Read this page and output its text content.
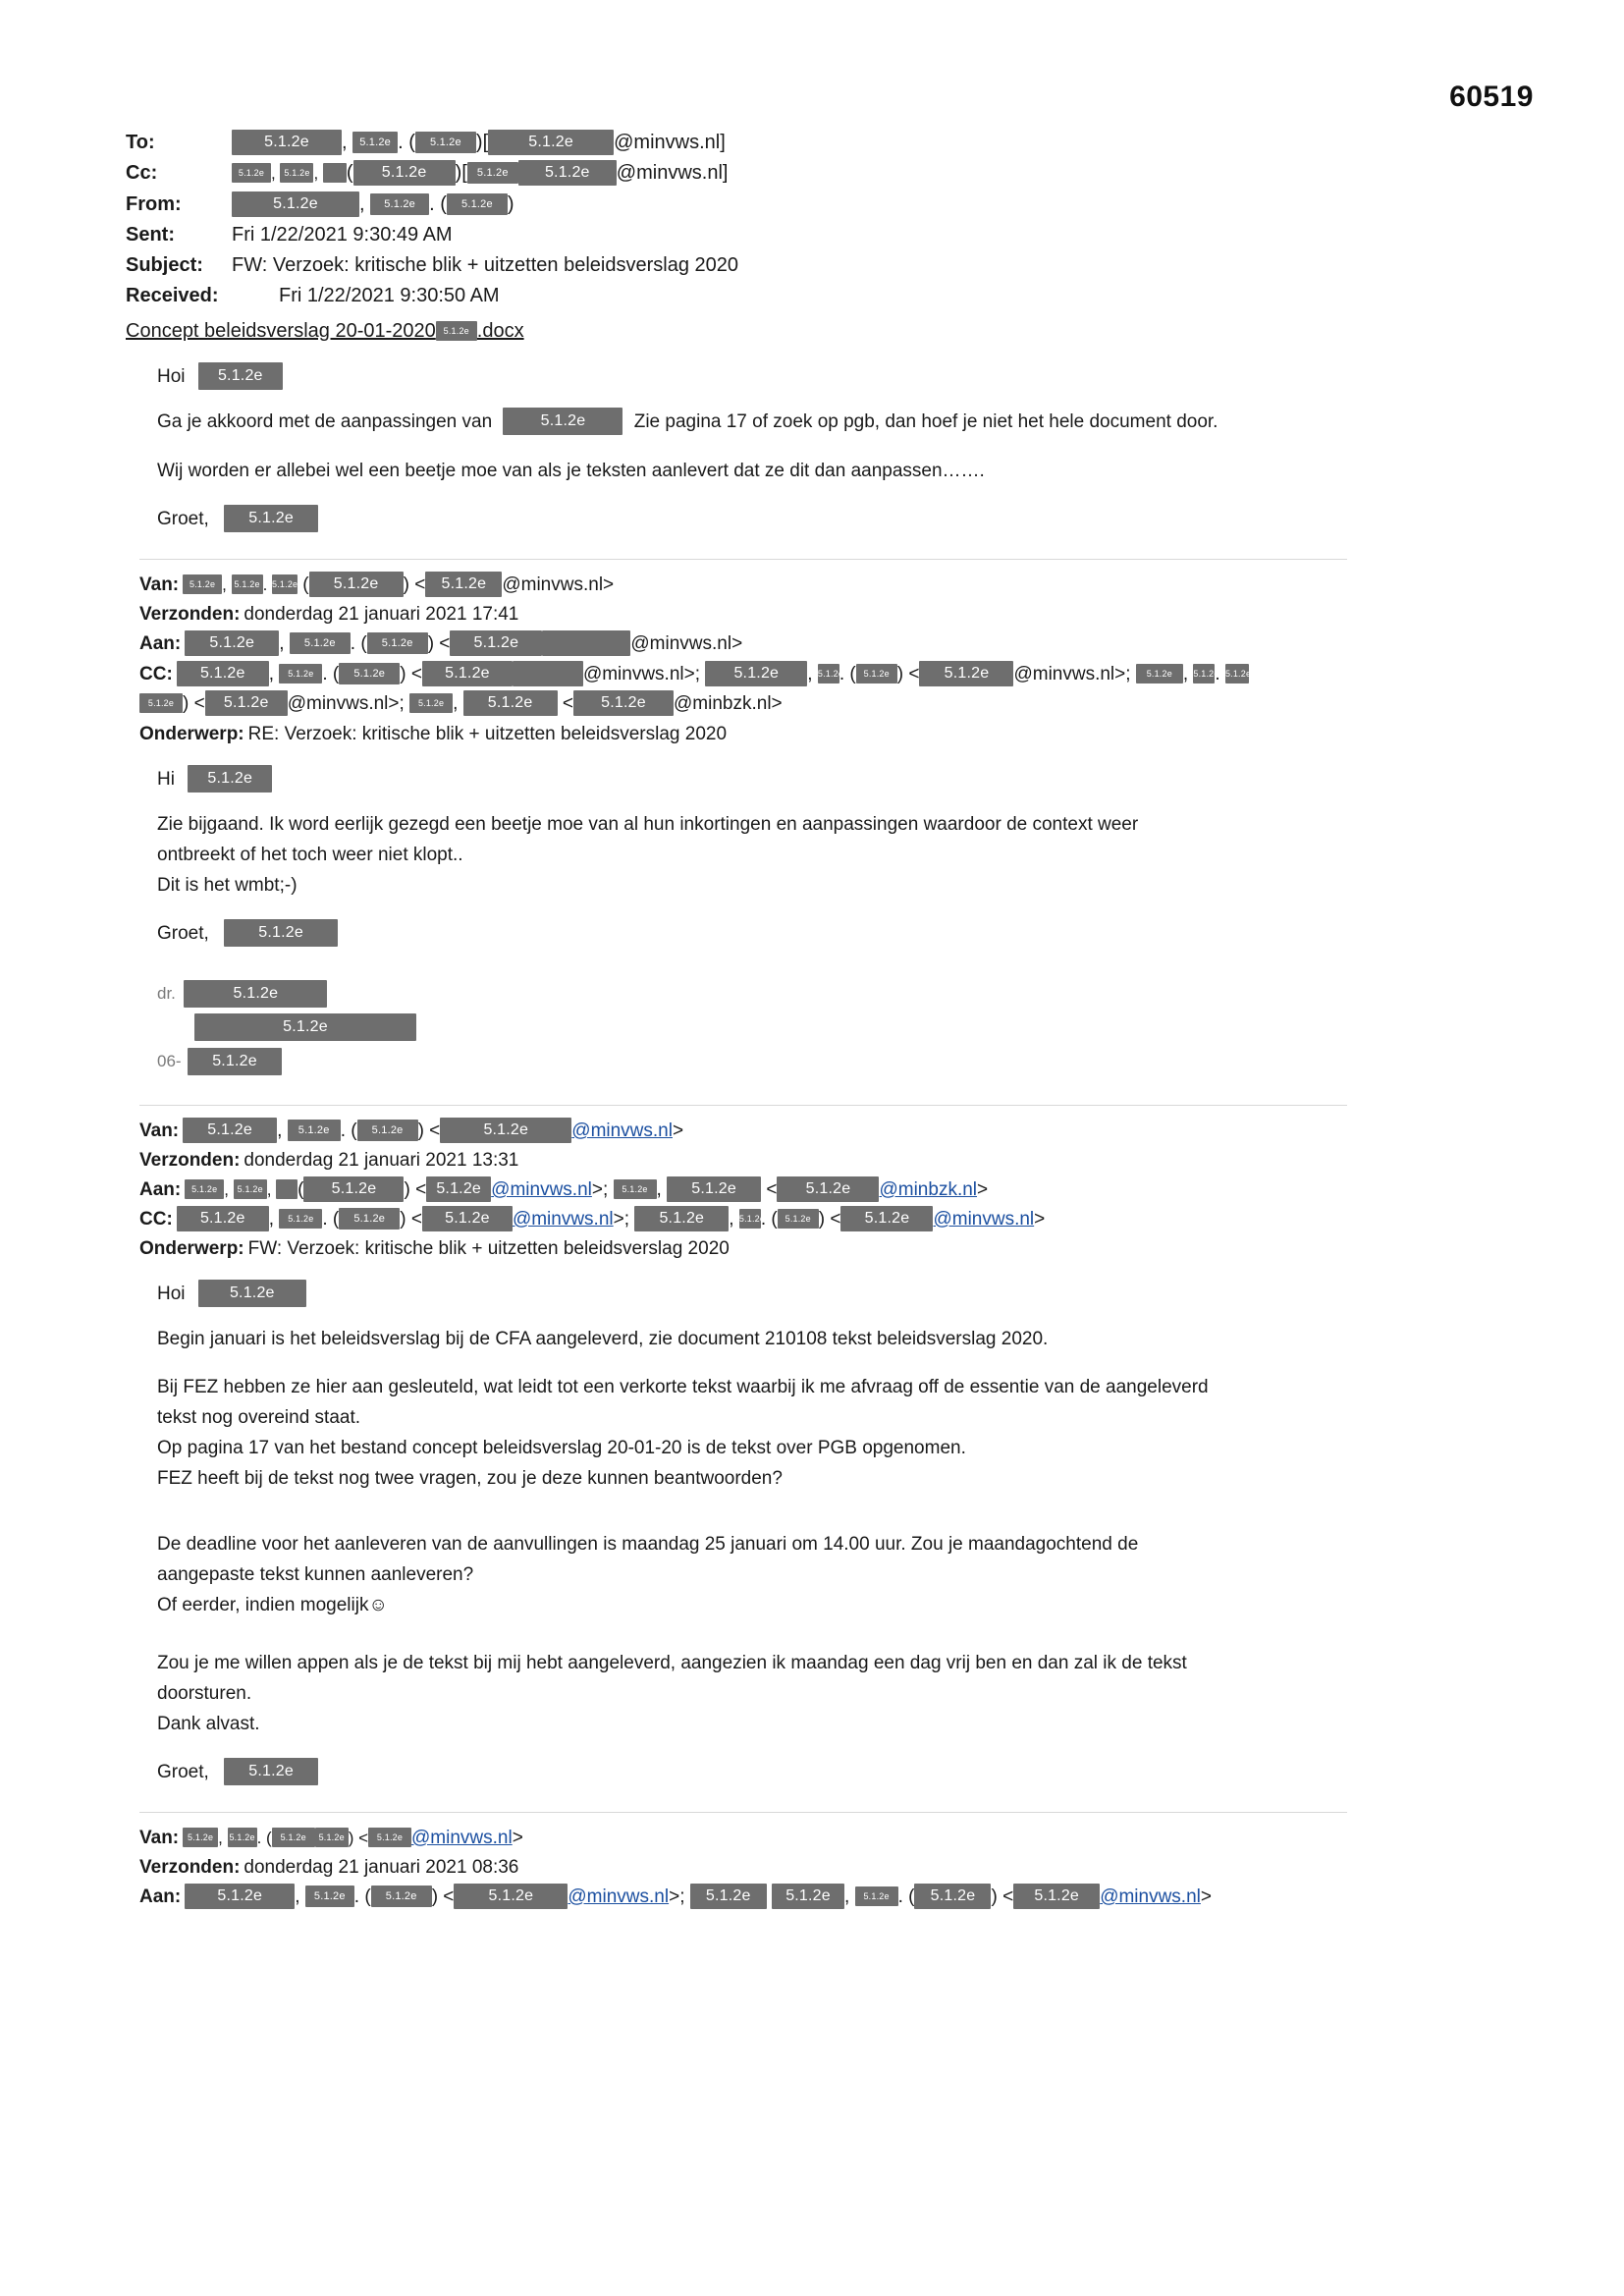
60519
To:	5.1.2e , 5.1.2e . ( 5.1.2e )[	5.1.2e @minvws.nl]
Cc:	5.1.2e , 5.1.2e , ( 5.1.2e )[ 5.1.2e 5.1.2e @minvws.nl]
From:	5.1.2e , 5.1.2e . ( 5.1.2e )
Sent:	Fri 1/22/2021 9:30:49 AM
Subject:	FW: Verzoek: kritische blik + uitzetten beleidsverslag 2020
Received:	Fri 1/22/2021 9:30:50 AM
Concept beleidsverslag 20-01-2020 5.1.2e .docx
Hoi 5.1.2e
Ga je akkoord met de aanpassingen van	5.1.2e	Zie pagina 17 of zoek op pgb, dan hoef je niet het hele document door.
Wij worden er allebei wel een beetje moe van als je teksten aanlevert dat ze dit dan aanpassen…….
Groet,	5.1.2e
Van: 5.1.2e , 5.1.2e . 5.1.2e ( 5.1.2e ) < 5.1.2e @minvws.nl>
Verzonden: donderdag 21 januari 2021 17:41
Aan: 5.1.2e , 5.1.2e . ( 5.1.2e ) < 5.1.2e	@minvws.nl>
CC: 5.1.2e , 5.1.2e . ( 5.1.2e ) < 5.1.2e	@minvws.nl>; 5.1.2e , 5.1.2e. ( 5.1.2e ) < 5.1.2e @minvws.nl>; 5.1.2e , 5.1.2e. 5.1.2e
5.1.2e ) < 5.1.2e @minvws.nl>; 5.1.2e , 5.1.2e < 5.1.2e @minbzk.nl>
Onderwerp: RE: Verzoek: kritische blik + uitzetten beleidsverslag 2020
Hi 5.1.2e
Zie bijgaand. Ik word eerlijk gezegd een beetje moe van al hun inkortingen en aanpassingen waardoor de context weer
ontbreekt of het toch weer niet klopt..
Dit is het wmbt;-)
Groet,	5.1.2e
dr.	5.1.2e
5.1.2e
06- 5.1.2e
Van: 5.1.2e , 5.1.2e . ( 5.1.2e ) <	5.1.2e @minvws.nl>
Verzonden: donderdag 21 januari 2021 13:31
Aan: 5.1.2e , 5.1.2e , ( 5.1.2e ) < 5.1.2e @minvws.nl>; 5.1.2e , 5.1.2e < 5.1.2e @minbzk.nl>
CC: 5.1.2e , 5.1.2e . ( 5.1.2e ) < 5.1.2e @minvws.nl>; 5.1.2e , 5.1.2e. ( 5.1.2e ) < 5.1.2e @minvws.nl>
Onderwerp: FW: Verzoek: kritische blik + uitzetten beleidsverslag 2020
Hoi	5.1.2e
Begin januari is het beleidsverslag bij de CFA aangeleverd, zie document 210108 tekst beleidsverslag 2020.
Bij FEZ hebben ze hier aan gesleuteld, wat leidt tot een verkorte tekst waarbij ik me afvraag off de essentie van de aangeleverd
tekst nog overeind staat.
Op pagina 17 van het bestand concept beleidsverslag 20-01-20 is de tekst over PGB opgenomen.
FEZ heeft bij de tekst nog twee vragen, zou je deze kunnen beantwoorden?
De deadline voor het aanleveren van de aanvullingen is maandag 25 januari om 14.00 uur. Zou je maandagochtend de
aangepaste tekst kunnen aanleveren?
Of eerder, indien mogelijk☺
Zou je me willen appen als je de tekst bij mij hebt aangeleverd, aangezien ik maandag een dag vrij ben en dan zal ik de tekst
doorsturen.
Dank alvast.
Groet,	5.1.2e
Van: 5.1.2e , 5.1.2e . ( 5.1.2e 5.1.2e ) < 5.1.2e @minvws.nl>
Verzonden: donderdag 21 januari 2021 08:36
Aan: 5.1.2e , 5.1.2e . ( 5.1.2e ) < 5.1.2e @minvws.nl>; 5.1.2e 5.1.2e , 5.1.2e . ( 5.1.2e ) < 5.1.2e @minvws.nl>
